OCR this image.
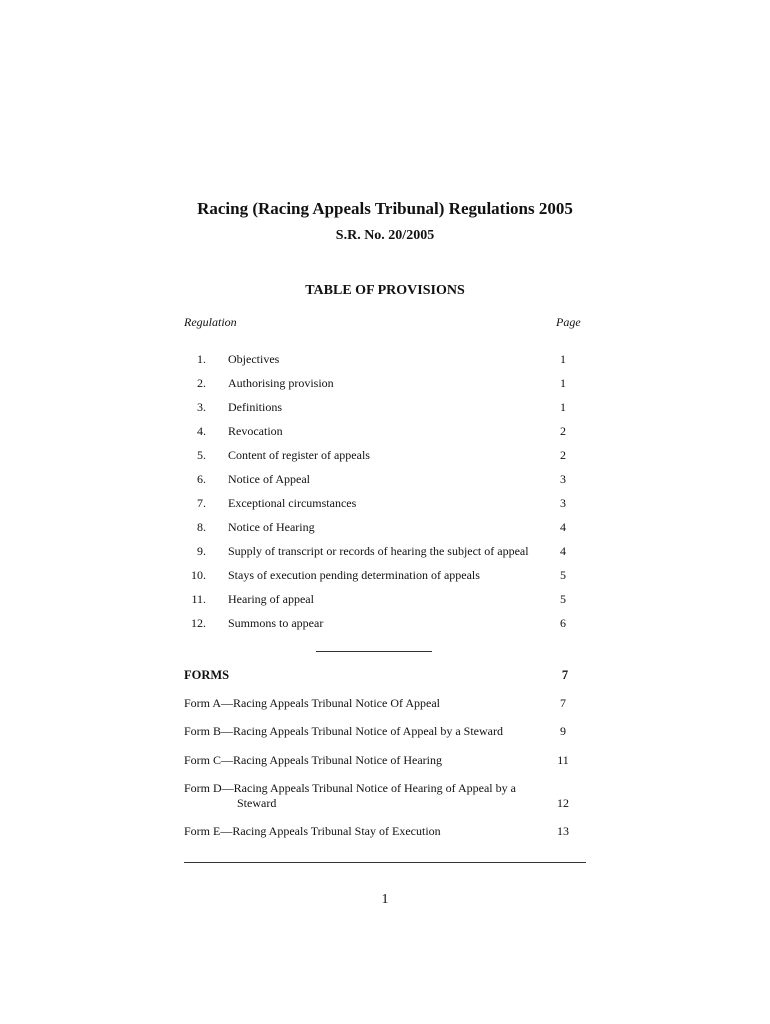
Racing (Racing Appeals Tribunal) Regulations 2005
S.R. No. 20/2005
TABLE OF PROVISIONS
Regulation	Page
1. Objectives	1
2. Authorising provision	1
3. Definitions	1
4. Revocation	2
5. Content of register of appeals	2
6. Notice of Appeal	3
7. Exceptional circumstances	3
8. Notice of Hearing	4
9. Supply of transcript or records of hearing the subject of appeal	4
10. Stays of execution pending determination of appeals	5
11. Hearing of appeal	5
12. Summons to appear	6
FORMS	7
Form A—Racing Appeals Tribunal Notice Of Appeal	7
Form B—Racing Appeals Tribunal Notice of Appeal by a Steward	9
Form C—Racing Appeals Tribunal Notice of Hearing	11
Form D—Racing Appeals Tribunal Notice of Hearing of Appeal by a
Steward	12
Form E—Racing Appeals Tribunal Stay of Execution	13
1
